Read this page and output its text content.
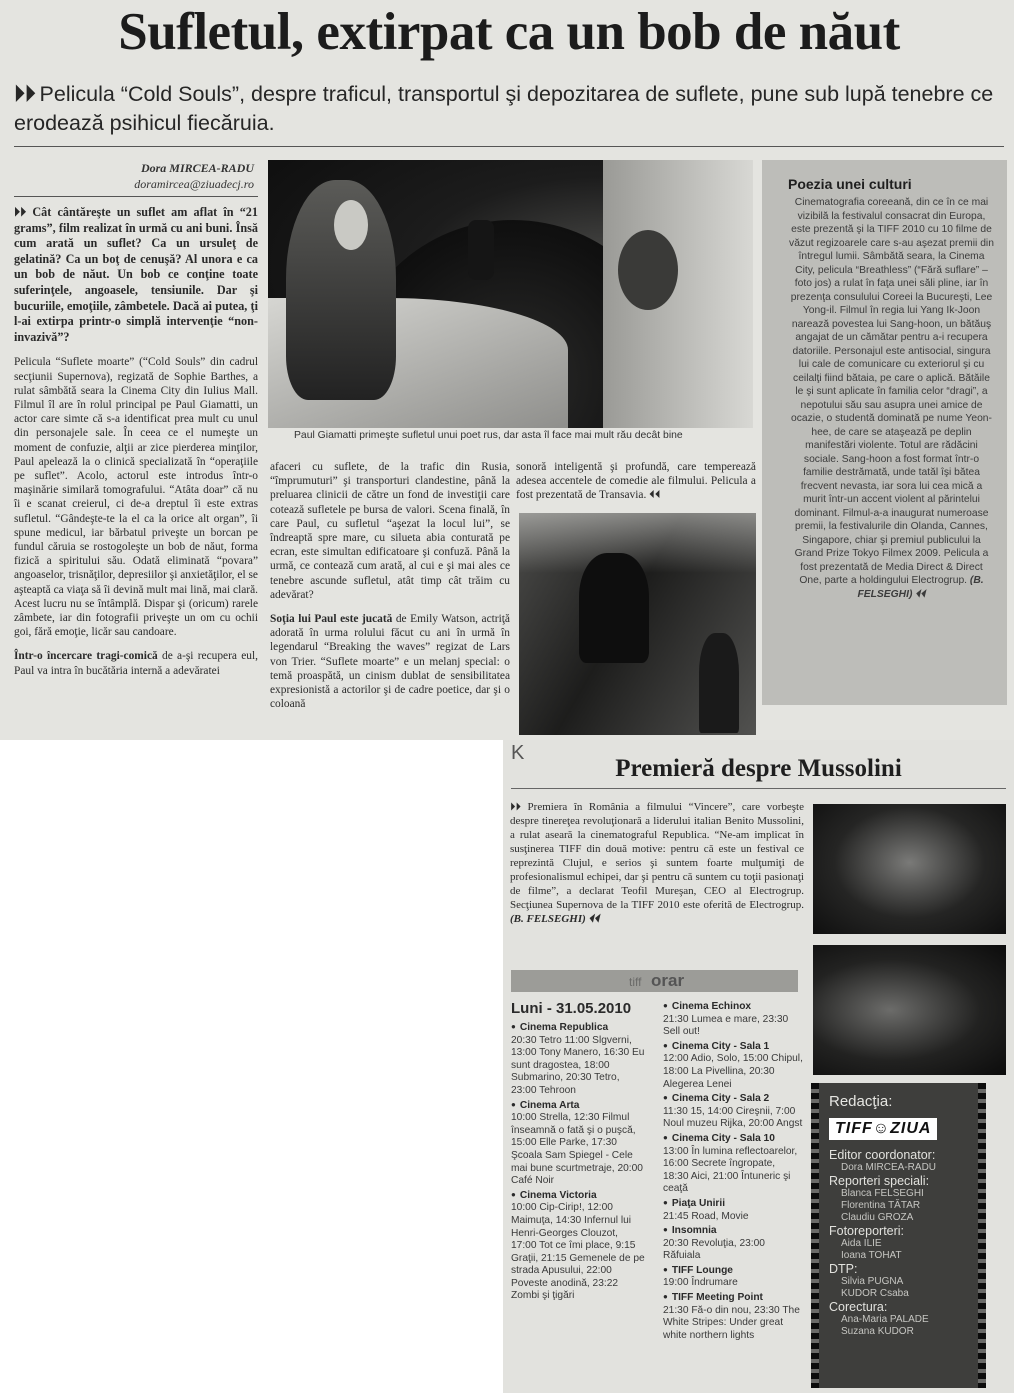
Sufletul, extirpat ca un bob de năut
⏵⏵ Pelicula “Cold Souls”, despre traficul, transportul şi depozitarea de suflete, pune sub lupă tenebre ce erodează psihicul fiecăruia.
Dora MIRCEA-RADU
doramircea@ziuadecj.ro

⏵⏵ Cât cântăreşte un suflet am aflat în “21 grams”, film realizat în urmă cu ani buni. Însă cum arată un suflet? Ca un ursuleţ de gelatină? Ca un boţ de cenuşă? Al unora e ca un bob de năut. Un bob ce conţine toate suferinţele, angoasele, tensiunile. Dar şi bucuriile, emoţiile, zâmbetele. Dacă ai putea, ţi l-ai extirpa printr-o simplă intervenţie “non-invazivă”?

Pelicula “Suflete moarte” (“Cold Souls” din cadrul secţiunii Supernova), regizată de Sophie Barthes, a rulat sâmbătă seara la Cinema City din Iulius Mall. Filmul îl are în rolul principal pe Paul Giamatti, un actor care simte că s-a identificat prea mult cu unul din personajele sale. În ceea ce el numeşte un moment de confuzie, alţii ar zice pierderea minţilor, Paul apelează la o clinică specializată în “operaţiile pe suflet”. Acolo, actorul este introdus într-o maşinărie similară tomografului. “Atâta doar” că nu îi e scanat creierul, ci de-a dreptul îi este extras sufletul. “Gândeşte-te la el ca la orice alt organ”, îi spune medicul, iar bărbatul priveşte un borcan pe fundul căruia se rostogoleşte un bob de năut, forma fizică a spiritului său. Odată eliminată “povara” angoaselor, trisnăţilor, depresiilor şi anxietăţilor, el se aşteaptă ca viaţa să îi devină mult mai lină, mai clară. Acest lucru nu se întâmplă. Dispar şi (oricum) rarele zâmbete, iar din fotografii priveşte un om cu ochii goi, fără emoţie, licăr sau candoare.

Într-o încercare tragi-comică de a-şi recupera eul, Paul va intra în bucătăria internă a adevăratei

Paul Giamatti primeşte sufletul unui poet rus, dar asta îl face mai mult rău decât bine

afaceri cu suflete, de la trafic din Rusia, “împrumuturi” şi transporturi clandestine, până la preluarea clinicii de către un fond de investiţii care cotează sufletele pe bursa de valori. Scena finală, în care Paul, cu sufletul “aşezat la locul lui”, se îndreaptă spre mare, cu silueta abia conturată pe ecran, este simultan edificatoare şi confuză. Până la urmă, ce contează cum arată, al cui e şi mai ales ce tenebre ascunde sufletul, atât timp cât trăim cu adevărat?

Soţia lui Paul este jucată de Emily Watson, actriţă adorată în urma rolului făcut cu ani în urmă în legendarul “Breaking the waves” regizat de Lars von Trier. “Suflete moarte” e un melanj special: o temă proaspătă, un cinism dublat de sensibilitatea expresionistă a actorilor şi de cadre poetice, dar şi o coloană

sonoră inteligentă şi profundă, care temperează adesea accentele de comedie ale filmului. Pelicula a fost prezentată de Transavia. ⏴⏴

Poezia unei culturi
Cinematografia coreeană, din ce în ce mai vizibilă la festivalul consacrat din Europa, este prezentă şi la TIFF 2010 cu 10 filme de văzut regizoarele care s-au aşezat premii din întregul lumii. Sâmbătă seara, la Cinema City, pelicula “Breathless” (“Fără suflare” – foto jos) a rulat în faţa unei săli pline, iar în prezenţa consulului Coreei la Bucureşti, Lee Yong-il. Filmul în regia lui Yang Ik-Joon narează povestea lui Sang-hoon, un bătăuş angajat de un cămătar pentru a-i recupera datoriile. Personajul este antisocial, singura lui cale de comunicare cu exteriorul şi cu ceilalţi fiind bătaia, pe care o aplică. Bătăile le şi sunt aplicate în familia celor “dragi”, a nepotului său sau asupra unei amice de ocazie, o studentă dominată pe nume Yeon-hee, de care se ataşează pe deplin manifestări violente. Totul are rădăcini sociale. Sang-hoon a fost format într-o familie destrămată, unde tatăl îşi bătea frecvent nevasta, iar sora lui cea mică a murit într-un accent violent al părintelui dominant. Filmul-a-a inaugurat numeroase premii, la festivalurile din Olanda, Cannes, Singapore, chiar şi premiul publicului la Grand Prize Tokyo Filmex 2009. Pelicula a fost prezentată de Media Direct & Direct One, parte a holdingului Electrogrup. (B. FELSEGHI) ⏴⏴
K
Premieră despre Mussolini
⏵⏵ Premiera în România a filmului “Vincere”, care vorbeşte despre tinereţea revoluţionară a liderului italian Benito Mussolini, a rulat aseară la cinematograful Republica. “Ne-am implicat în susţinerea TIFF din două motive: pentru că este un festival ce reprezintă Clujul, e serios şi suntem foarte mulţumiţi de profesionalismul echipei, dar şi pentru că suntem cu toţii pasionaţi de filme”, a declarat Teofil Mureşan, CEO al Electrogrup. Secţiunea Supernova de la TIFF 2010 este oferită de Electrogrup. (B. FELSEGHI) ⏴⏴
tiff orar
Luni - 31.05.2010
● Cinema Republica
20:30 Tetro 11:00 Slgverni, 13:00 Tony Manero, 16:30 Eu sunt dragostea, 18:00 Submarino, 20:30 Tetro, 23:00 Tehroon
● Cinema Arta
10:00 Strella, 12:30 Filmul înseamnă o fată şi o puşcă, 15:00 Elle Parke, 17:30 Şcoala Sam Spiegel - Cele mai bune scurtmetraje, 20:00 Café Noir
● Cinema Victoria
10:00 Cip-Cirip!, 12:00 Maimuţa, 14:30 Infernul lui Henri-Georges Clouzot, 17:00 Tot ce îmi place, 9:15 Graţii, 21:15 Gemenele de pe strada Apusului, 22:00 Poveste anodină, 23:22 Zombi şi ţigări
● Cinema Echinox
21:30 Lumea e mare, 23:30 Sell out!
● Cinema City - Sala 1
12:00 Adio, Solo, 15:00 Chipul, 18:00 La Pivellina, 20:30 Alegerea Lenei
● Cinema City - Sala 2
11:30 15, 14:00 Cireşnii, 7:00 Noul muzeu Rijka, 20:00 Angst
● Cinema City - Sala 10
13:00 În lumina reflectoarelor, 16:00 Secrete îngropate, 18:30 Aici, 21:00 Întuneric şi ceaţă
● Piaţa Unirii
21:45 Road, Movie
● Insomnia
20:30 Revoluţia, 23:00 Răfuiala
● TIFF Lounge
19:00 Îndrumare
● TIFF Meeting Point
21:30 Fă-o din nou, 23:30 The White Stripes: Under great white northern lights
Redacţia:
TIFF☺ZIUA
Editor coordonator:
Dora MIRCEA-RADU
Reporteri speciali:
Blanca FELSEGHI
Florentina TĂTAR
Claudiu GROZA
Fotoreporteri:
Aida ILIE
Ioana TOHAT
DTP:
Silvia PUGNA
KUDOR Csaba
Corectura:
Ana-Maria PALADE
Suzana KUDOR
